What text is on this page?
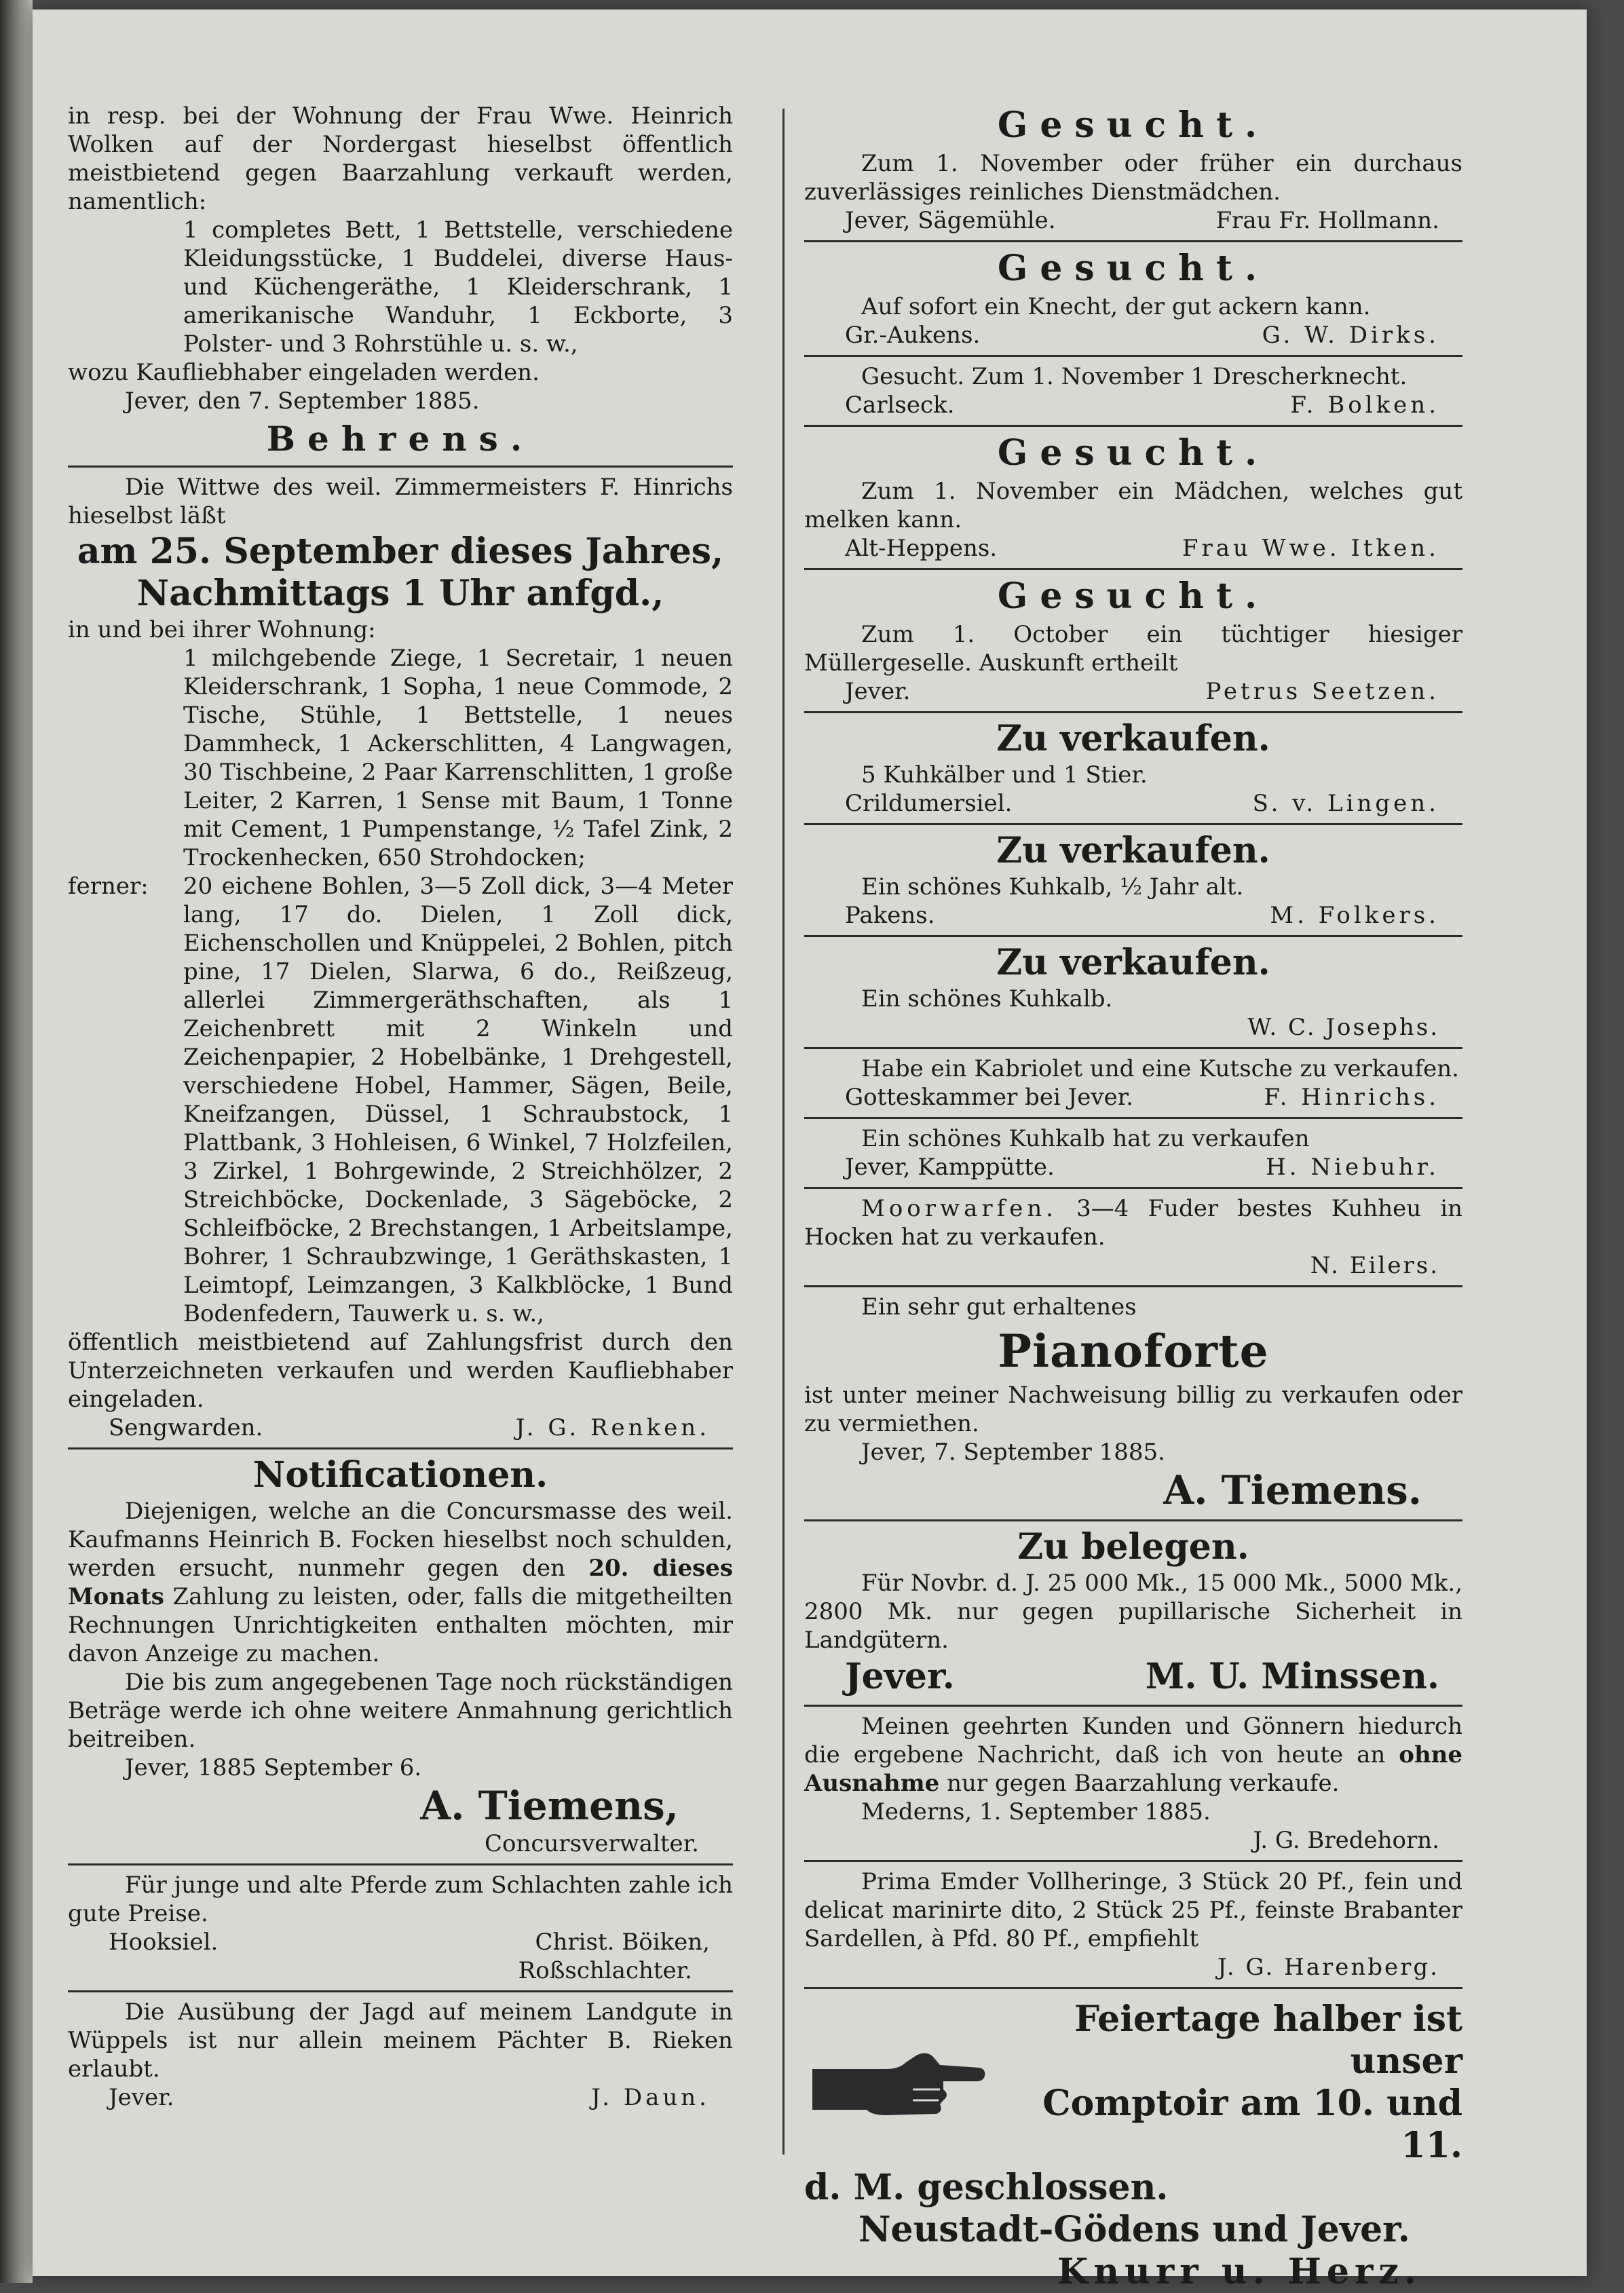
in resp. bei der Wohnung der Frau Wwe. Heinrich Wolken auf der Nordergast hieselbst öffentlich meistbietend gegen Baarzahlung verkauft werden, namentlich:

1 completes Bett, 1 Bettstelle, verschiedene Kleidungsstücke, 1 Buddelei, diverse Haus- und Küchengeräthe, 1 Kleiderschrank, 1 amerikanische Wanduhr, 1 Eckborte, 3 Polster- und 3 Rohrstühle u. s. w.,

wozu Kaufliebhaber eingeladen werden.

Jever, den 7. September 1885.

Behrens.

Die Wittwe des weil. Zimmermeisters F. Hinrichs hieselbst läßt

am 25. September dieses Jahres,
Nachmittags 1 Uhr anfgd.,

in und bei ihrer Wohnung:

1 milchgebende Ziege, 1 Secretair, 1 neuen Kleiderschrank, 1 Sopha, 1 neue Commode, 2 Tische, Stühle, 1 Bettstelle, 1 neues Dammheck, 1 Ackerschlitten, 4 Langwagen, 30 Tischbeine, 2 Paar Karrenschlitten, 1 große Leiter, 2 Karren, 1 Sense mit Baum, 1 Tonne mit Cement, 1 Pumpenstange, ½ Tafel Zink, 2 Trockenhecken, 650 Strohdocken;

ferner:	20 eichene Bohlen, 3—5 Zoll dick, 3—4 Meter lang, 17 do. Dielen, 1 Zoll dick, Eichenschollen und Knüppelei, 2 Bohlen, pitch pine, 17 Dielen, Slarwa, 6 do., Reißzeug, allerlei Zimmergeräthschaften, als 1 Zeichenbrett mit 2 Winkeln und Zeichenpapier, 2 Hobelbänke, 1 Drehgestell, verschiedene Hobel, Hammer, Sägen, Beile, Kneifzangen, Düssel, 1 Schraubstock, 1 Plattbank, 3 Hohleisen, 6 Winkel, 7 Holzfeilen, 3 Zirkel, 1 Bohrgewinde, 2 Streichhölzer, 2 Streichböcke, Dockenlade, 3 Sägeböcke, 2 Schleifböcke, 2 Brechstangen, 1 Arbeitslampe, Bohrer, 1 Schraubzwinge, 1 Geräthskasten, 1 Leimtopf, Leimzangen, 3 Kalkblöcke, 1 Bund Bodenfedern, Tauwerk u. s. w.,

öffentlich meistbietend auf Zahlungsfrist durch den Unterzeichneten verkaufen und werden Kaufliebhaber eingeladen.

Sengwarden.	J. G. Renken.
Notificationen.

Diejenigen, welche an die Concursmasse des weil. Kaufmanns Heinrich B. Focken hieselbst noch schulden, werden ersucht, nunmehr gegen den 20. dieses Monats Zahlung zu leisten, oder, falls die mitgetheilten Rechnungen Unrichtigkeiten enthalten möchten, mir davon Anzeige zu machen.

Die bis zum angegebenen Tage noch rückständigen Beträge werde ich ohne weitere Anmahnung gerichtlich beitreiben.

Jever, 1885 September 6.

A. Tiemens,

Concursverwalter.

Für junge und alte Pferde zum Schlachten zahle ich gute Preise.

Hooksiel.	Christ. Böiken,

Roßschlachter.

Die Ausübung der Jagd auf meinem Landgute in Wüppels ist nur allein meinem Pächter B. Rieken erlaubt.

Jever.	J. Daun.
Gesucht.

Zum 1. November oder früher ein durchaus zuverlässiges reinliches Dienstmädchen.

Jever, Sägemühle.	Frau Fr. Hollmann.
Gesucht.

Auf sofort ein Knecht, der gut ackern kann.

Gr.-Aukens.	G. W. Dirks.

Gesucht. Zum 1. November 1 Drescherknecht.

Carlseck.	F. Bolken.
Gesucht.

Zum 1. November ein Mädchen, welches gut melken kann.

Alt-Heppens.	Frau Wwe. Itken.
Gesucht.

Zum 1. October ein tüchtiger hiesiger Müllergeselle. Auskunft ertheilt

Jever.	Petrus Seetzen.
Zu verkaufen.

5 Kuhkälber und 1 Stier.

Crildumersiel.	S. v. Lingen.
Zu verkaufen.

Ein schönes Kuhkalb, ½ Jahr alt.

Pakens.	M. Folkers.
Zu verkaufen.

Ein schönes Kuhkalb.

W. C. Josephs.

Habe ein Kabriolet und eine Kutsche zu verkaufen.

Gotteskammer bei Jever.	F. Hinrichs.

Ein schönes Kuhkalb hat zu verkaufen

Jever, Kamppütte.	H. Niebuhr.

Moorwarfen. 3—4 Fuder bestes Kuhheu in Hocken hat zu verkaufen.

N. Eilers.

Ein sehr gut erhaltenes

Pianoforte

ist unter meiner Nachweisung billig zu verkaufen oder zu vermiethen.

Jever, 7. September 1885.

A. Tiemens.
Zu belegen.

Für Novbr. d. J. 25 000 Mk., 15 000 Mk., 5000 Mk., 2800 Mk. nur gegen pupillarische Sicherheit in Landgütern.

Jever.	M. U. Minssen.

Meinen geehrten Kunden und Gönnern hiedurch die ergebene Nachricht, daß ich von heute an ohne Ausnahme nur gegen Baarzahlung verkaufe.

Mederns, 1. September 1885.

J. G. Bredehorn.

Prima Emder Vollheringe, 3 Stück 20 Pf., fein und delicat marinirte dito, 2 Stück 25 Pf., feinste Brabanter Sardellen, à Pfd. 80 Pf., empfiehlt

J. G. Harenberg.

Feiertage halber ist unser
Comptoir am 10. und 11.
d. M. geschlossen.
Neustadt-Gödens und Jever.
Knurr u. Herz.
